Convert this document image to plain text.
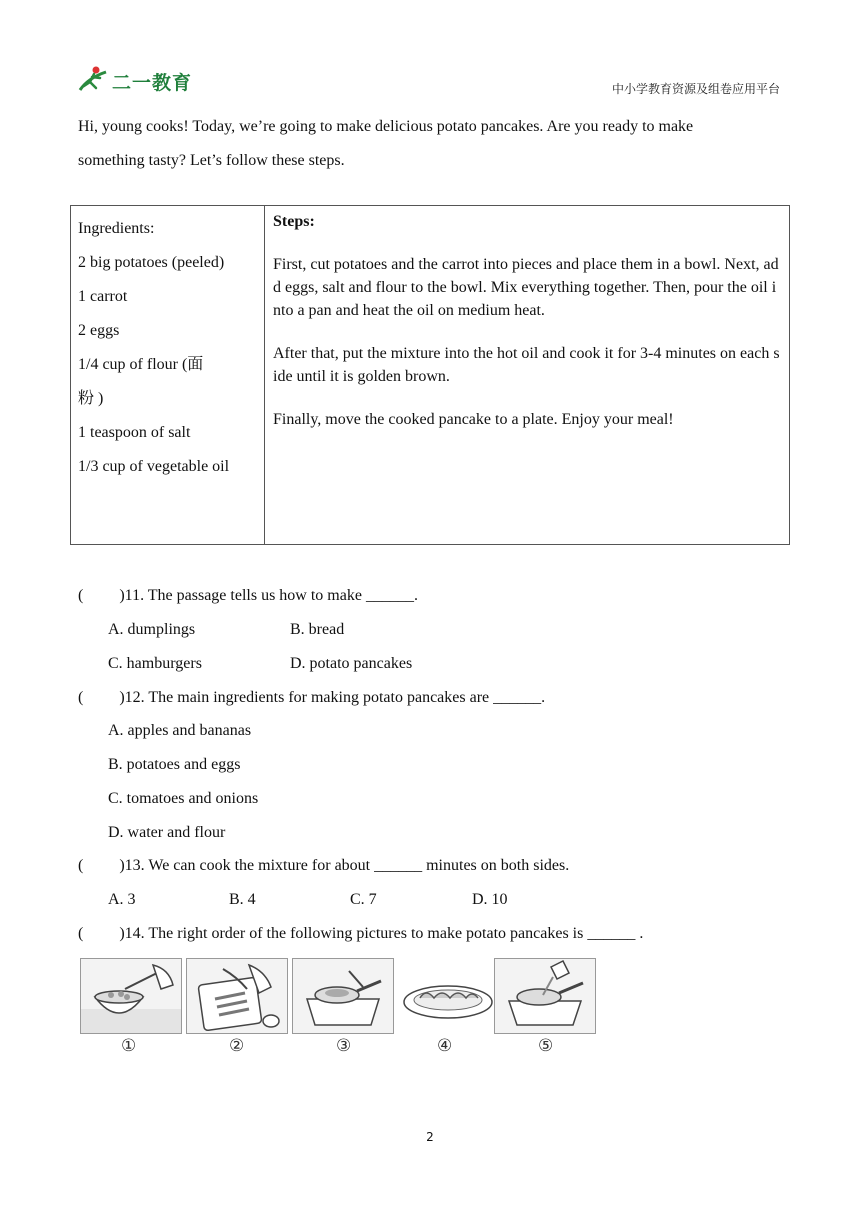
二一教育	中小学教育资源及组卷应用平台
Hi, young cooks! Today, we’re going to make delicious potato pancakes. Are you ready to make
something tasty? Let’s follow these steps.
Ingredients:
2 big potatoes (peeled)
1 carrot
2 eggs
1/4 cup of flour (面
粉 )
1 teaspoon of salt
1/3 cup of vegetable oil

Steps:

First, cut potatoes and the carrot into pieces and place them in a bowl. Next, add eggs, salt and flour to the bowl. Mix everything together. Then, pour the oil into a pan and heat the oil on medium heat.

After that, put the mixture into the hot oil and cook it for 3-4 minutes on each side until it is golden brown.

Finally, move the cooked pancake to a plate. Enjoy your meal!

(         )11. The passage tells us how to make ______.
A. dumplings	B. bread
C. hamburgers	D. potato pancakes
(         )12. The main ingredients for making potato pancakes are ______.
A. apples and bananas
B. potatoes and eggs
C. tomatoes and onions
D. water and flour
(         )13. We can cook the mixture for about ______ minutes on both sides.
A. 3	B. 4	C. 7	D. 10
(         )14. The right order of the following pictures to make potato pancakes is ______ .
①	②	③	④	⑤
2
